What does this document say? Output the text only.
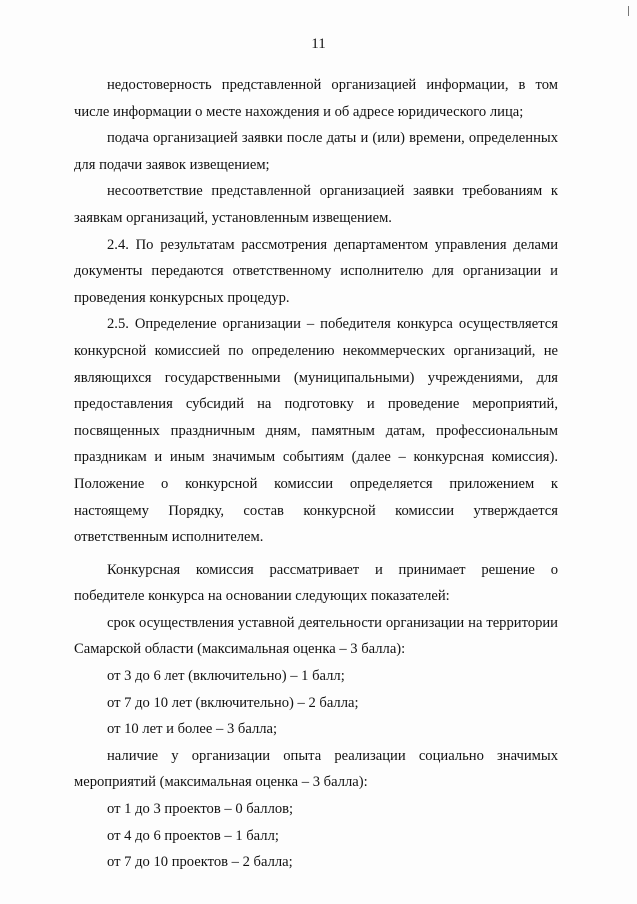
11

недостоверность представленной организацией информации, в том числе информации о месте нахождения и об адресе юридического лица;

подача организацией заявки после даты и (или) времени, определенных для подачи заявок извещением;

несоответствие представленной организацией заявки требованиям к заявкам организаций, установленным извещением.

2.4. По результатам рассмотрения департаментом управления делами документы передаются ответственному исполнителю для организации и проведения конкурсных процедур.

2.5. Определение организации – победителя конкурса осуществляется конкурсной комиссией по определению некоммерческих организаций, не являющихся государственными (муниципальными) учреждениями, для предоставления субсидий на подготовку и проведение мероприятий, посвященных праздничным дням, памятным датам, профессиональным праздникам и иным значимым событиям (далее – конкурсная комиссия). Положение о конкурсной комиссии определяется приложением к настоящему Порядку, состав конкурсной комиссии утверждается ответственным исполнителем.

Конкурсная комиссия рассматривает и принимает решение о победителе конкурса на основании следующих показателей:

срок осуществления уставной деятельности организации на территории Самарской области (максимальная оценка – 3 балла):

от 3 до 6 лет (включительно) – 1 балл;

от 7 до 10 лет (включительно) – 2 балла;

от 10 лет и более – 3 балла;

наличие у организации опыта реализации социально значимых мероприятий (максимальная оценка – 3 балла):

от 1 до 3 проектов – 0 баллов;

от 4 до 6 проектов – 1 балл;

от 7 до 10 проектов – 2 балла;
